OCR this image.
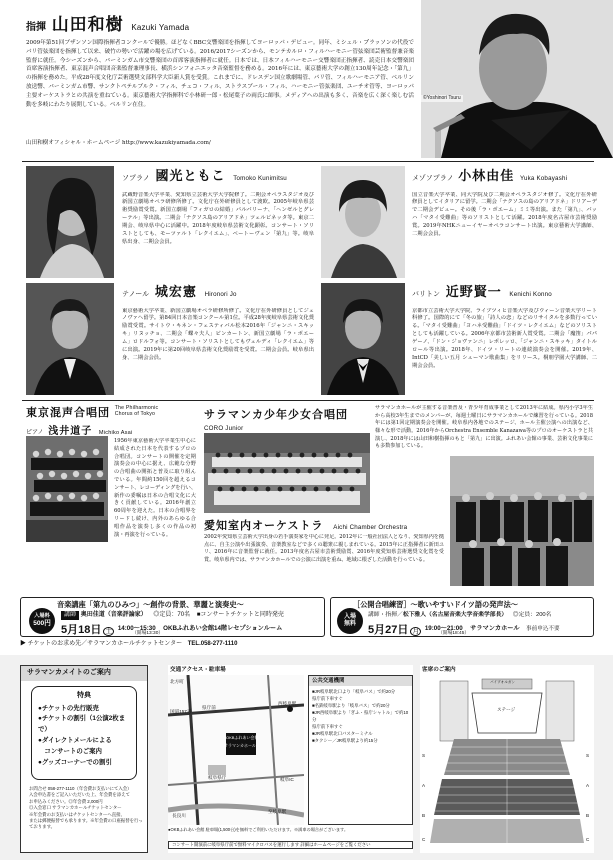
指揮 山田和樹 Kazuki Yamada
2009年第51回ブザンソン国際指揮者コンクールで優勝。ほどなくBBC交響楽団を指揮してヨーロッパ・デビュー。同年、ミシェル・プラッソンの代役でパリ管弦楽団を指揮して以来、破竹の勢いで活躍の場を広げている。2016/2017シーズンから、モンテカルロ・フィルハーモニー管弦楽団芸術監督兼音楽監督に就任。今シーズンから、バーミンガム市交響楽団の首席客演指揮者に就任。日本では、日本フィルハーモニー交響楽団正指揮者、読売日本交響楽団首席客演指揮者、東京混声合唱団音楽監督兼理事長、横浜シンフォニエッタ音楽監督を務める。2016年には、東京藝術大学の創立130周年記念・「第九」の指揮を務めた。平成28年度文化庁芸術選奨文部科学大臣新人賞を受賞。これまでに、ドレスデン国立歌劇場管、パリ管、フィルハーモニア管、ベルリン放送響、バーミンガム市響、サンクトペテルブルク・フィル、チェコ・フィル、ストラスブール・フィル、ハーモニー管弦楽団、ユーチオ管等、ヨーロッパ主要オーケストラとの共演を重ねている。東京藝術大学指揮科で小林研一郎・松尾葉子の両氏に師事。メディアへの出演も多く、音楽を広く深く楽しむ活動を多岐にわたり展開している。ベルリン在住。
山田和樹オフィシャル・ホームページ http://www.kazukiyamada.com/
©Yoshinori Tsuru
ソプラノ 國光ともこ Tomoko Kunimitsu
武蔵野音楽大学卒業、愛知県立芸術大学大学院修了。二期会オペラスタジオ及び新国立劇場オペラ研修所修了。文化庁在外研修員として渡欧。2005年岐阜県芸術奨励賞受賞。新国立劇場「フィガロの結婚」バルバリーナ、「ヘンゼルとグレーテル」等出演。二期会「ナクソス島のアリアドネ」ツェルビネッタ等。東京二期会、岐阜県中心に活躍中。2018年度岐阜県芸術文化顕彰。コンサート・ソリストとしても、モーツァルト「レクイエム」、ベートーヴェン「第九」等。岐阜県出身、二期会会員。
メゾソプラノ 小林由佳 Yuka Kobayashi
国立音楽大学卒業、同大学院及び二期会オペラスタジオ修了。文化庁在外研修員としてイタリアに留学。二期会「ナクソスの島のアリアドネ」ドリアーデで二期会デビュー。その後「ラ・ボエーム」ミミ等出演。また「第九」、バッハ「マタイ受難曲」等のソリストとして活躍。2018年度名古屋市芸術奨励賞。2019年NHKニューイヤーオペラコンサート出演。東京藝術大学講師、二期会会員。
テノール 城宏憲 Hironori Jo
東京藝術大学卒業、新国立劇場オペラ研修所修了。文化庁在外研修員としてジェノヴァへ留学。第84回日本音楽コンクール第1位。平成28年度岐阜県芸術文化奨励賞受賞。サイトウ・キネン・フェスティバル松本2016年「ジャンニ・スキッキ」リヌッチョ、二期会「蝶々夫人」ピンカートン、新国立劇場「ラ・ボエーム」ロドルフォ等。コンサート・ソリストとしてもヴェルディ「レクイエム」等に出演。2019年に第20回岐阜県芸術文化奨励賞を受賞。二期会会員。岐阜県出身、二期会会員。
バリトン 近野賢一 Kenichi Konno
京都市立芸術大学大学院、ライプツィヒ音楽大学及びウィーン音楽大学リート科修了。国際的にて「冬の旅」「詩人の恋」などのリサイタルを多数行っている。「マタイ受難曲」「ヨハネ受難曲」「ドイツ・レクイエム」などのソリストとしても活躍している。2006年京都市芸術新人賞受賞。二期会「魔笛」パパゲーノ、「ドン・ジョヴァンニ」レポレッロ、「ジャンニ・スキッキ」タイトルロール等出演。2018年、ドイツ・リートの連続演奏会を開催。2019年、IntCD「美しい五月 シューマン歌曲集」をリリース。桐朋学園大学講師、二期会会員。
東京混声合唱団 The Philharmonic Chorus of Tokyo
ピアノ 浅井道子 Michiko Asai
1956年東京藝術大学卒業生中心に結成された日本を代表するプロの合唱団。コンサートの開催を定期演奏会の中心に据え、広範な分野の合唱曲の開拓と普及に取り組んでいる。年間約150回を超えるコンサート、レコーディングを行い、新作の委嘱は日本の合唱文化に大きく貢献している。2016年創立60周年を迎えた。日本の合唱界をリードし続け、内外のあらゆる合唱作品を演奏し多くの作品の初演・再演を行っている。
サラマンカ少年少女合唱団
CORO Junior
サラマンカホールが主催する音楽普及・青少年育成事業として2013年に結成。県内小学3年生から高校3年生までのメンバーが、毎週土曜日にサラマンカホールで練習を行っている。2018年には第1回定期演奏会を開催。岐阜県内各地でのステージ、ホール主催公演への出演など、様々な形で活動。2016年からOrchestra Ensemble Kanazawa等のプロのオーケストラと共演し、2018年には山田和樹指揮のもと「第九」に出演。ふれあい会館の事業、芸術文化事業にも多数参加している。
愛知室内オーケストラ Aichi Chamber Orchestra
2002年愛知県立芸術大学出身の若手演奏家を中心に発足。2012年に一般社団法人となり、愛知県内を拠点に、自主公演や出張演奏、音楽教室などで多くの聴衆に親しまれている。2015年に正指揮者に新田ユリ、2016年に音楽監督に就任。2013年度名古屋市芸術奨励賞、2016年度愛知県芸術選奨文化賞を受賞。岐阜県内では、サラマンカホールでの公演に出演を重ね、地域に根ざした活動を行っている。
音楽講座「第九のひみつ」〜創作の背景、華麗と演奏史〜
入場料
500円
講師 奥田佳道（音楽評論家） ◎定員：70名 ■コンサートチケットと同時発売
5月18日 土 14:00〜15:30
（開場13:30）
OKBふれあい会館14階レセプションルーム
［公開合唱練習］〜歌いやすいドイツ語の発声法〜
入場
無料
講師・指揮／松下雅人（名古屋音楽大学音楽学部長） ◎定員：200名
5月27日 月 19:00〜21:00
（開場18:45）
サラマンカホール 事前申込不要
▶ チケットのお求め先／サラマンカホールチケットセンター TEL.058-277-1110
サラマンカメイトのご案内
特典
●チケットの先行販売
●チケットの割引（1公演2枚まで）
●ダイレクトメールによる
　コンサートのご案内
●グッズコーナーでの割引
お問合せ 058-277-1110（年会費お支払いにて入会）
入会申込書をご記入いただいた上、年会費を添えて
お申込みください。◎年会費 2,000円
◎入会窓口 サラマンカホールチケットセンター
※年会費のお支払いはチケットセンターへ直接、
または郵便振替でも承ります。※年会費の口座振替を行っております。
交通アクセス・駐車場
OKBふれあい会館
サラマンカホール
岐阜県庁
西岐阜駅
至岐阜駅
県庁前
国道157号
長良川
岐阜IC
北方町	公共交通機関
■JR岐阜駅北口より「岐阜バス」で約20分
県庁前下車すぐ
■名鉄岐阜駅より「岐阜バス」で約20分
■JR西岐阜駅より「ぎふ・県庁シャトル」で約10分
県庁前下車すぐ
■JR岐阜駅北口バスターミナル
■タクシー／JR岐阜駅より約15分
●OKBふれあい会館 駐車場(1,500台)を無料でご利用いただけます。※満車の場合がございます。
コンサート開演前に岐阜県庁前で無料マイクロバスを運行します 詳細はホームページをご覧ください
客席のご案内
ステージ
パイプオルガン
S
A
B
C
S
A
B
C
